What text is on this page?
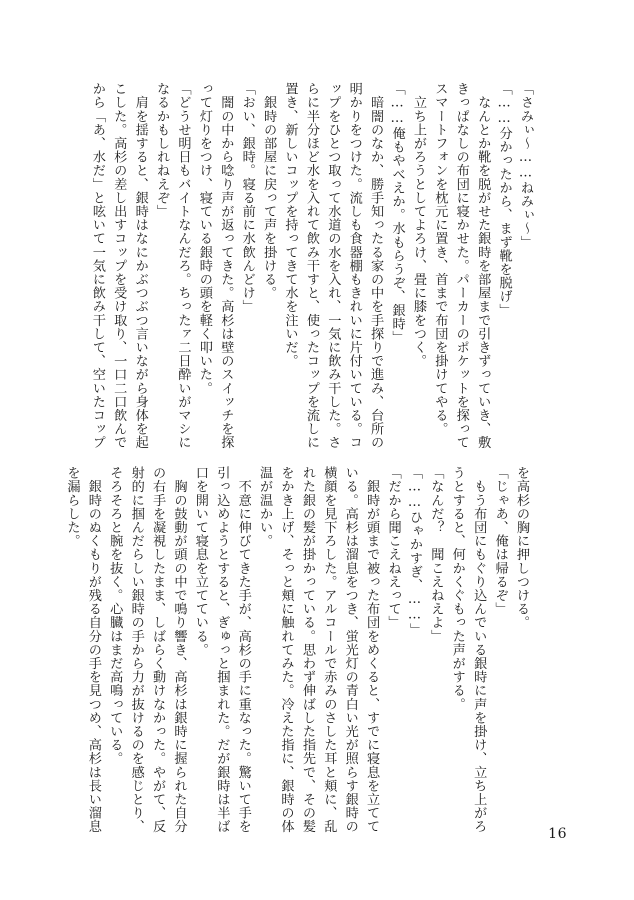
「さみぃ〜……ねみぃ〜」
「……分かったから、まず靴を脱げ」
　なんとか靴を脱がせた銀時を部屋まで引きずっていき、敷
きっぱなしの布団に寝かせた。パーカーのポケットを探って
スマートフォンを枕元に置き、首まで布団を掛けてやる。
　立ち上がろうとしてよろけ、畳に膝をつく。
「……俺もやべえか。水もらうぞ、銀時」
　暗闇のなか、勝手知ったる家の中を手探りで進み、台所の
明かりをつけた。流しも食器棚もきれいに片付いている。コ
ップをひとつ取って水道の水を入れ、一気に飲み干した。さ
らに半分ほど水を入れて飲み干すと、使ったコップを流しに
置き、新しいコップを持ってきて水を注いだ。
　銀時の部屋に戻って声を掛ける。
「おい、銀時。寝る前に水飲んどけ」
　闇の中から唸り声が返ってきた。高杉は壁のスイッチを探
って灯りをつけ、寝ている銀時の頭を軽く叩いた。
「どうせ明日もバイトなんだろ。ちったァ二日酔いがマシに
なるかもしれねえぞ」
　肩を揺すると、銀時はなにかぶつぶつ言いながら身体を起
こした。高杉の差し出すコップを受け取り、一口二口飲んで
から「あ、水だ」と呟いて一気に飲み干して、空いたコップ
を高杉の胸に押しつける。
「じゃあ、俺は帰るぞ」
　もう布団にもぐり込んでいる銀時に声を掛け、立ち上がろ
うとすると、何かくぐもった声がする。
「なんだ？　聞こえねえよ」
「……ひゃかすぎ、……」
「だから聞こえねえって」
　銀時が頭まで被った布団をめくると、すでに寝息を立てて
いる。高杉は溜息をつき、蛍光灯の青白い光が照らす銀時の
横顔を見下ろした。アルコールで赤みのさした耳と頬に、乱
れた銀の髪が掛かっている。思わず伸ばした指先で、その髪
をかき上げ、そっと頬に触れてみた。冷えた指に、銀時の体
温が温かい。
　不意に伸びてきた手が、高杉の手に重なった。驚いて手を
引っ込めようとすると、ぎゅっと掴まれた。だが銀時は半ば
口を開いて寝息を立てている。
　胸の鼓動が頭の中で鳴り響き、高杉は銀時に握られた自分
の右手を凝視したまま、しばらく動けなかった。やがて、反
射的に掴んだらしい銀時の手から力が抜けるのを感じとり、
そろそろと腕を抜く。心臓はまだ高鳴っている。
　銀時のぬくもりが残る自分の手を見つめ、高杉は長い溜息
を漏らした。
16
